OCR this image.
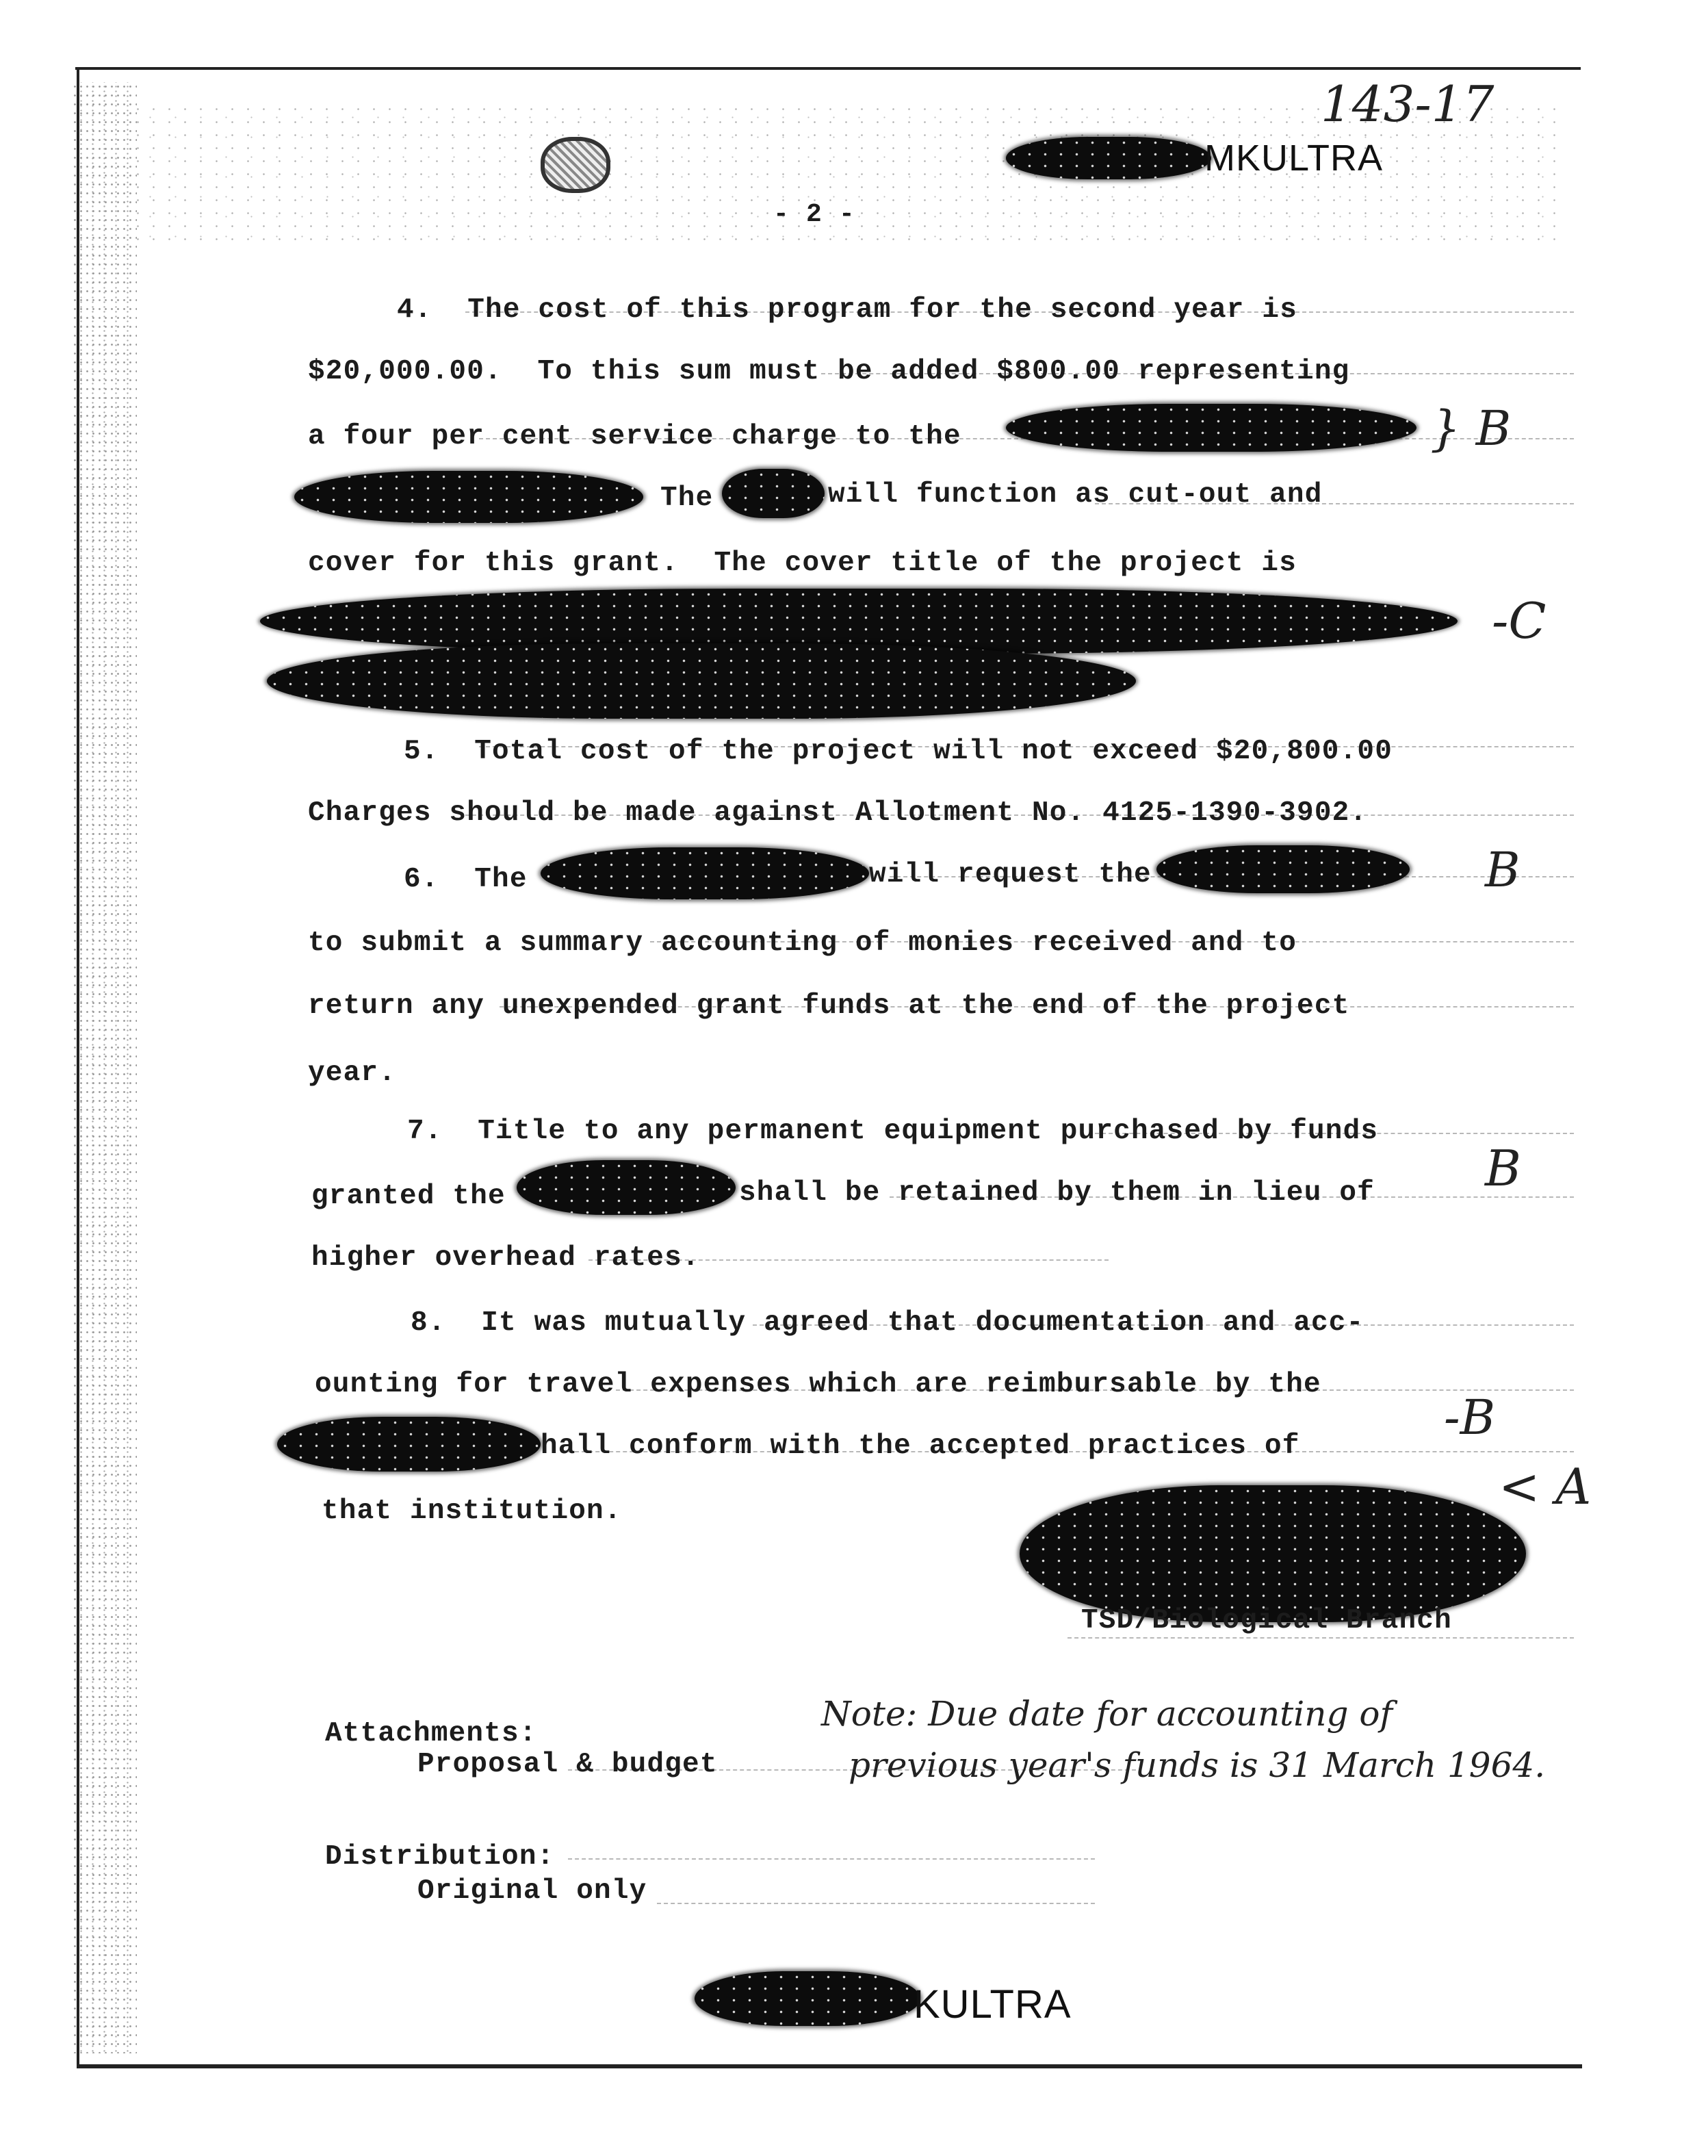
MKULTRA
143-17
- 2 -
4.  The cost of this program for the second year is
$20,000.00.  To this sum must be added $800.00 representing
a four per cent service charge to the	} B
The	will function as cut-out and
cover for this grant.  The cover title of the project is
-C
5.  Total cost of the project will not exceed $20,800.00
Charges should be made against Allotment No. 4125-1390-3902.
6.  The	will request the	B
to submit a summary accounting of monies received and to
return any unexpended grant funds at the end of the project
year.
7.  Title to any permanent equipment purchased by funds
granted the	shall be retained by them in lieu of B
higher overhead rates.
8.  It was mutually agreed that documentation and acc-
ounting for travel expenses which are reimbursable by the
hall conform with the accepted practices of
-B
< A
that institution.
TSD/Biological Branch
Attachments:
Proposal & budget
Note: Due date for accounting of
previous year's funds is 31 March 1964.
Distribution:
Original only
KULTRA
